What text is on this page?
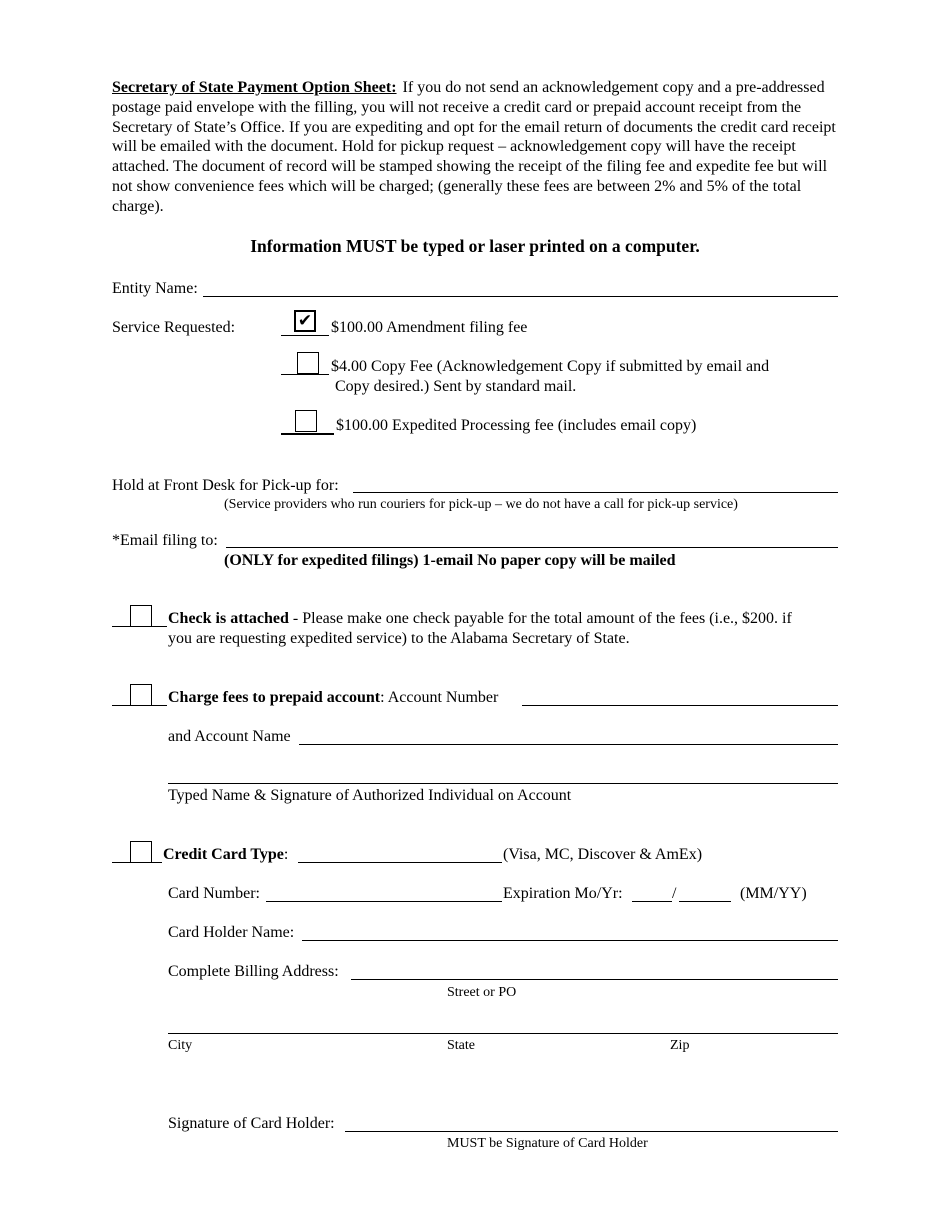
Secretary of State Payment Option Sheet: If you do not send an acknowledgement copy and a pre-addressed postage paid envelope with the filling, you will not receive a credit card or prepaid account receipt from the Secretary of State’s Office. If you are expediting and opt for the email return of documents the credit card receipt will be emailed with the document. Hold for pickup request – acknowledgement copy will have the receipt attached. The document of record will be stamped showing the receipt of the filing fee and expedite fee but will not show convenience fees which will be charged; (generally these fees are between 2% and 5% of the total charge).
Information MUST be typed or laser printed on a computer.
Entity Name:
Service Requested:	✔ $100.00 Amendment filing fee
$4.00 Copy Fee (Acknowledgement Copy if submitted by email and
Copy desired.) Sent by standard mail.
$100.00 Expedited Processing fee (includes email copy)
Hold at Front Desk for Pick-up for:
(Service providers who run couriers for pick-up – we do not have a call for pick-up service)
*Email filing to:
(ONLY for expedited filings) 1-email No paper copy will be mailed
Check is attached - Please make one check payable for the total amount of the fees (i.e., $200. if
you are requesting expedited service) to the Alabama Secretary of State.
Charge fees to prepaid account: Account Number
and Account Name
Typed Name & Signature of Authorized Individual on Account
Credit Card Type:	(Visa, MC, Discover & AmEx)
Card Number:	Expiration Mo/Yr:	/	(MM/YY)
Card Holder Name:
Complete Billing Address:
Street or PO
City	State	Zip
Signature of Card Holder:
MUST be Signature of Card Holder
